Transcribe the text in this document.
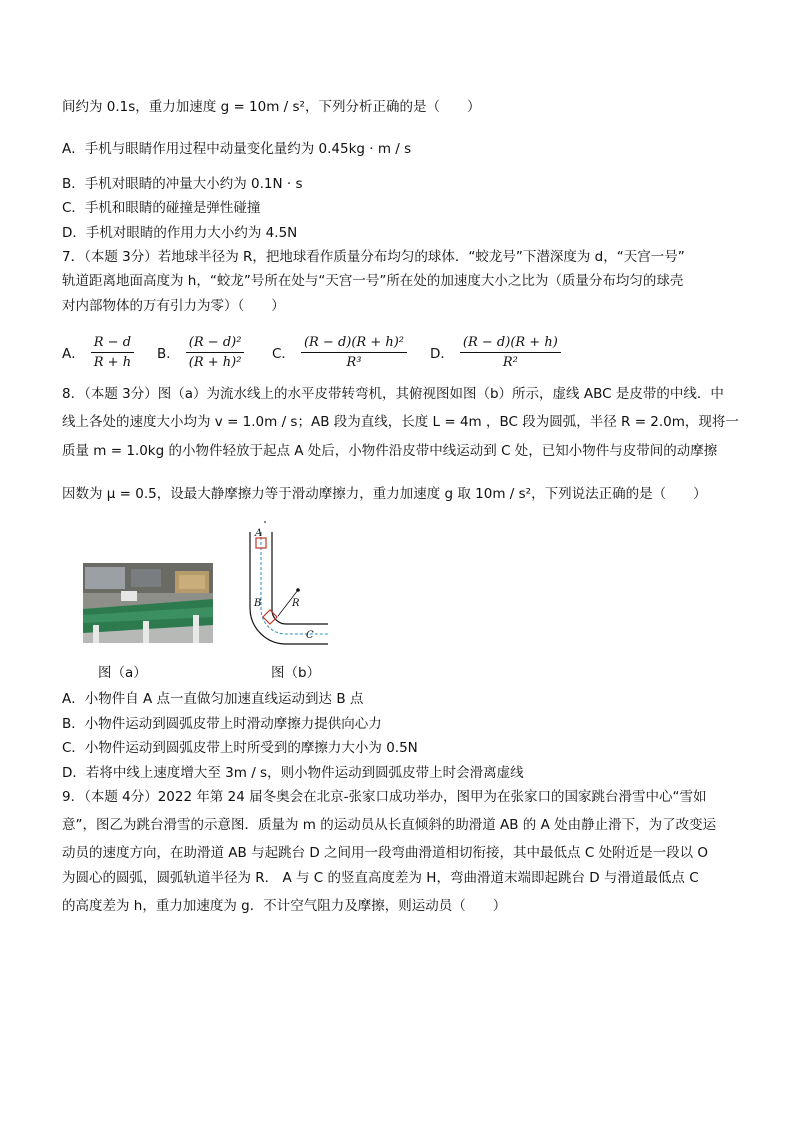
间约为 0.1s，重力加速度 g = 10m / s²，下列分析正确的是（　　）
A．手机与眼睛作用过程中动量变化量约为 0.45kg · m / s
B．手机对眼睛的冲量大小约为 0.1N · s
C．手机和眼睛的碰撞是弹性碰撞
D．手机对眼睛的作用力大小约为 4.5N
7．（本题 3分）若地球半径为 R，把地球看作质量分布均匀的球体．“蛟龙号”下潜深度为 d，“天宫一号”
轨道距离地面高度为 h，“蛟龙”号所在处与“天宫一号”所在处的加速度大小之比为（质量分布均匀的球壳
对内部物体的万有引力为零）（　　）
A． $\frac{R - d}{R + h}$ B． $\frac{\text{(R − d)²}}{\text{(R + h)²}}$ C． $\frac{\text{(R − d)(R + h)²}}{\text{R³}}$ D． $\frac{(R - d)(R + h)}{\text{R²}}$
8．（本题 3分）图（a）为流水线上的水平皮带转弯机，其俯视图如图（b）所示，虚线 ABC 是皮带的中线．中
线上各处的速度大小均为 v = 1.0m / s；AB 段为直线，长度 L = 4m ，BC 段为圆弧，半径 R = 2.0m，现将一
质量 m = 1.0kg 的小物件轻放于起点 A 处后，小物件沿皮带中线运动到 C 处，已知小物件与皮带间的动摩擦
因数为 μ = 0.5，设最大静摩擦力等于滑动摩擦力，重力加速度 g 取 10m / s²，下列说法正确的是（　　）
A
B	R
C
图（a）	图（b）
A．小物件自 A 点一直做匀加速直线运动到达 B 点
B．小物件运动到圆弧皮带上时滑动摩擦力提供向心力
C．小物件运动到圆弧皮带上时所受到的摩擦力大小为 0.5N
D．若将中线上速度增大至 3m / s，则小物件运动到圆弧皮带上时会滑离虚线
9．（本题 4分）2022 年第 24 届冬奥会在北京-张家口成功举办，图甲为在张家口的国家跳台滑雪中心“雪如
意”，图乙为跳台滑雪的示意图．质量为 m 的运动员从长直倾斜的助滑道 AB 的 A 处由静止滑下，为了改变运
动员的速度方向，在助滑道 AB 与起跳台 D 之间用一段弯曲滑道相切衔接，其中最低点 C 处附近是一段以 O
为圆心的圆弧，圆弧轨道半径为 R． A 与 C 的竖直高度差为 H，弯曲滑道末端即起跳台 D 与滑道最低点 C
的高度差为 h，重力加速度为 g．不计空气阻力及摩擦，则运动员（　　）
